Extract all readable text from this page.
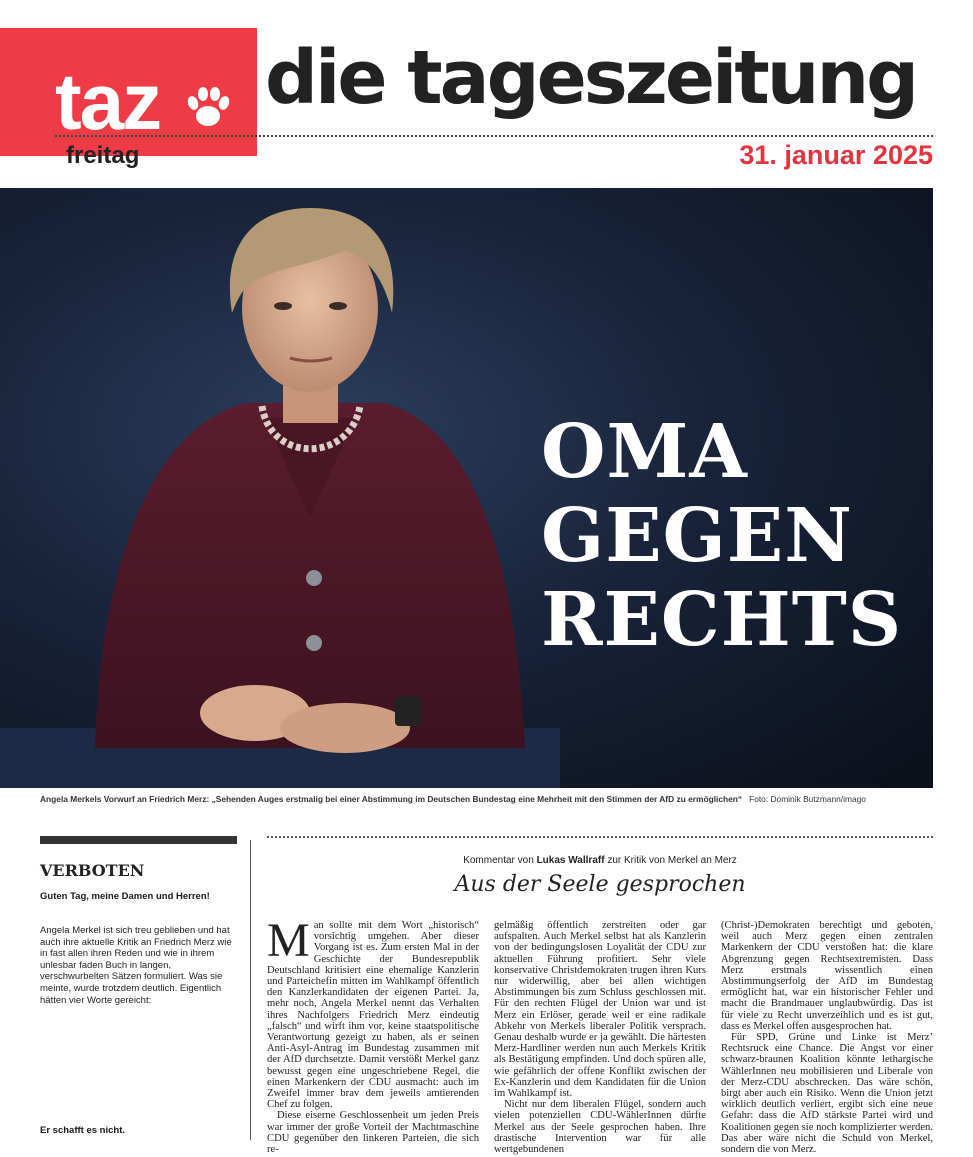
taz die tageszeitung
freitag	31. januar 2025
OMA
GEGEN
RECHTS
Angela Merkels Vorwurf an Friedrich Merz: „Sehenden Auges erstmalig bei einer Abstimmung im Deutschen Bundestag eine Mehrheit mit den Stimmen der AfD zu ermöglichen“ Foto: Dominik Butzmann/imago
VERBOTEN
Guten Tag, meine Damen und Herren!
Angela Merkel ist sich treu geblieben und hat auch ihre aktuelle Kritik an Friedrich Merz wie in fast allen ihren Reden und wie in ihrem unlesbar faden Buch in langen, verschwurbelten Sätzen formuliert. Was sie meinte, wurde trotzdem deutlich. Eigentlich hätten vier Worte gereicht:
Er schafft es nicht.
Kommentar von Lukas Wallraff zur Kritik von Merkel an Merz
Aus der Seele gesprochen
M an sollte mit dem Wort „historisch“ vorsichtig umgehen. Aber dieser Vorgang ist es. Zum ersten Mal in der Geschichte der Bundesrepublik Deutschland kritisiert eine ehemalige Kanzlerin und Parteichefin mitten im Wahlkampf öffentlich den Kanzlerkandidaten der eigenen Partei. Ja, mehr noch, Angela Merkel nennt das Verhalten ihres Nachfolgers Friedrich Merz eindeutig „falsch“ und wirft ihm vor, keine staatspolitische Verantwortung gezeigt zu haben, als er seinen Anti-Asyl-Antrag im Bundestag zusammen mit der AfD durchsetzte. Damit verstößt Merkel ganz bewusst gegen eine ungeschriebene Regel, die einen Markenkern der CDU ausmacht: auch im Zweifel immer brav dem jeweils amtierenden Chef zu folgen.

Diese eiserne Geschlossenheit um jeden Preis war immer der große Vorteil der Machtmaschine CDU gegenüber den linkeren Parteien, die sich re-

gelmäßig öffentlich zerstreiten oder gar aufspalten. Auch Merkel selbst hat als Kanzlerin von der bedingungslosen Loyalität der CDU zur aktuellen Führung profitiert. Sehr viele konservative Christdemokraten trugen ihren Kurs nur widerwillig, aber bei allen wichtigen Abstimmungen bis zum Schluss geschlossen mit. Für den rechten Flügel der Union war und ist Merz ein Erlöser, gerade weil er eine radikale Abkehr von Merkels liberaler Politik versprach. Genau deshalb wurde er ja gewählt. Die härtesten Merz-Hardliner werden nun auch Merkels Kritik als Bestätigung empfinden. Und doch spüren alle, wie gefährlich der offene Konflikt zwischen der Ex-Kanzlerin und dem Kandidaten für die Union im Wahlkampf ist.

Nicht nur dem liberalen Flügel, sondern auch vielen potenziellen CDU-WählerInnen dürfte Merkel aus der Seele gesprochen haben. Ihre drastische Intervention war für alle wertgebundenen

(Christ-)Demokraten berechtigt und geboten, weil auch Merz gegen einen zentralen Markenkern der CDU verstoßen hat: die klare Abgrenzung gegen Rechtsextremisten. Dass Merz erstmals wissentlich einen Abstimmungserfolg der AfD im Bundestag ermöglicht hat, war ein historischer Fehler und macht die Brandmauer unglaubwürdig. Das ist für viele zu Recht unverzeihlich und es ist gut, dass es Merkel offen ausgesprochen hat.

Für SPD, Grüne und Linke ist Merz’ Rechtsruck eine Chance. Die Angst vor einer schwarz-braunen Koalition könnte lethargische WählerInnen neu mobilisieren und Liberale von der Merz-CDU abschrecken. Das wäre schön, birgt aber auch ein Risiko. Wenn die Union jetzt wirklich deutlich verliert, ergibt sich eine neue Gefahr: dass die AfD stärkste Partei wird und Koalitionen gegen sie noch komplizierter werden. Das aber wäre nicht die Schuld von Merkel, sondern die von Merz.
